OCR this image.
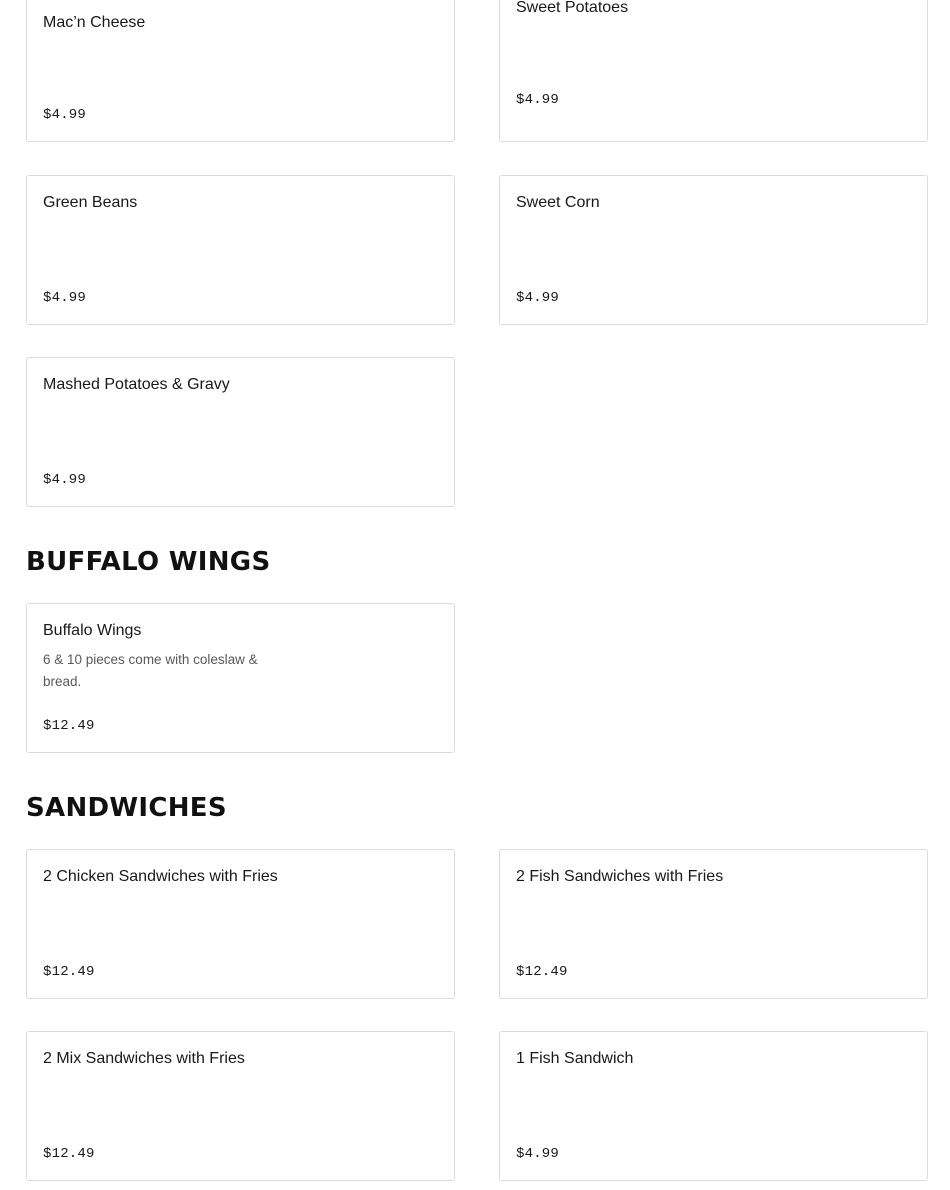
Mac’n Cheese
$4.99
Sweet Potatoes
$4.99
Green Beans
$4.99
Sweet Corn
$4.99
Mashed Potatoes & Gravy
$4.99
BUFFALO WINGS
Buffalo Wings
6 & 10 pieces come with coleslaw & bread.
$12.49
SANDWICHES
2 Chicken Sandwiches with Fries
$12.49
2 Fish Sandwiches with Fries
$12.49
2 Mix Sandwiches with Fries
$12.49
1 Fish Sandwich
$4.99
